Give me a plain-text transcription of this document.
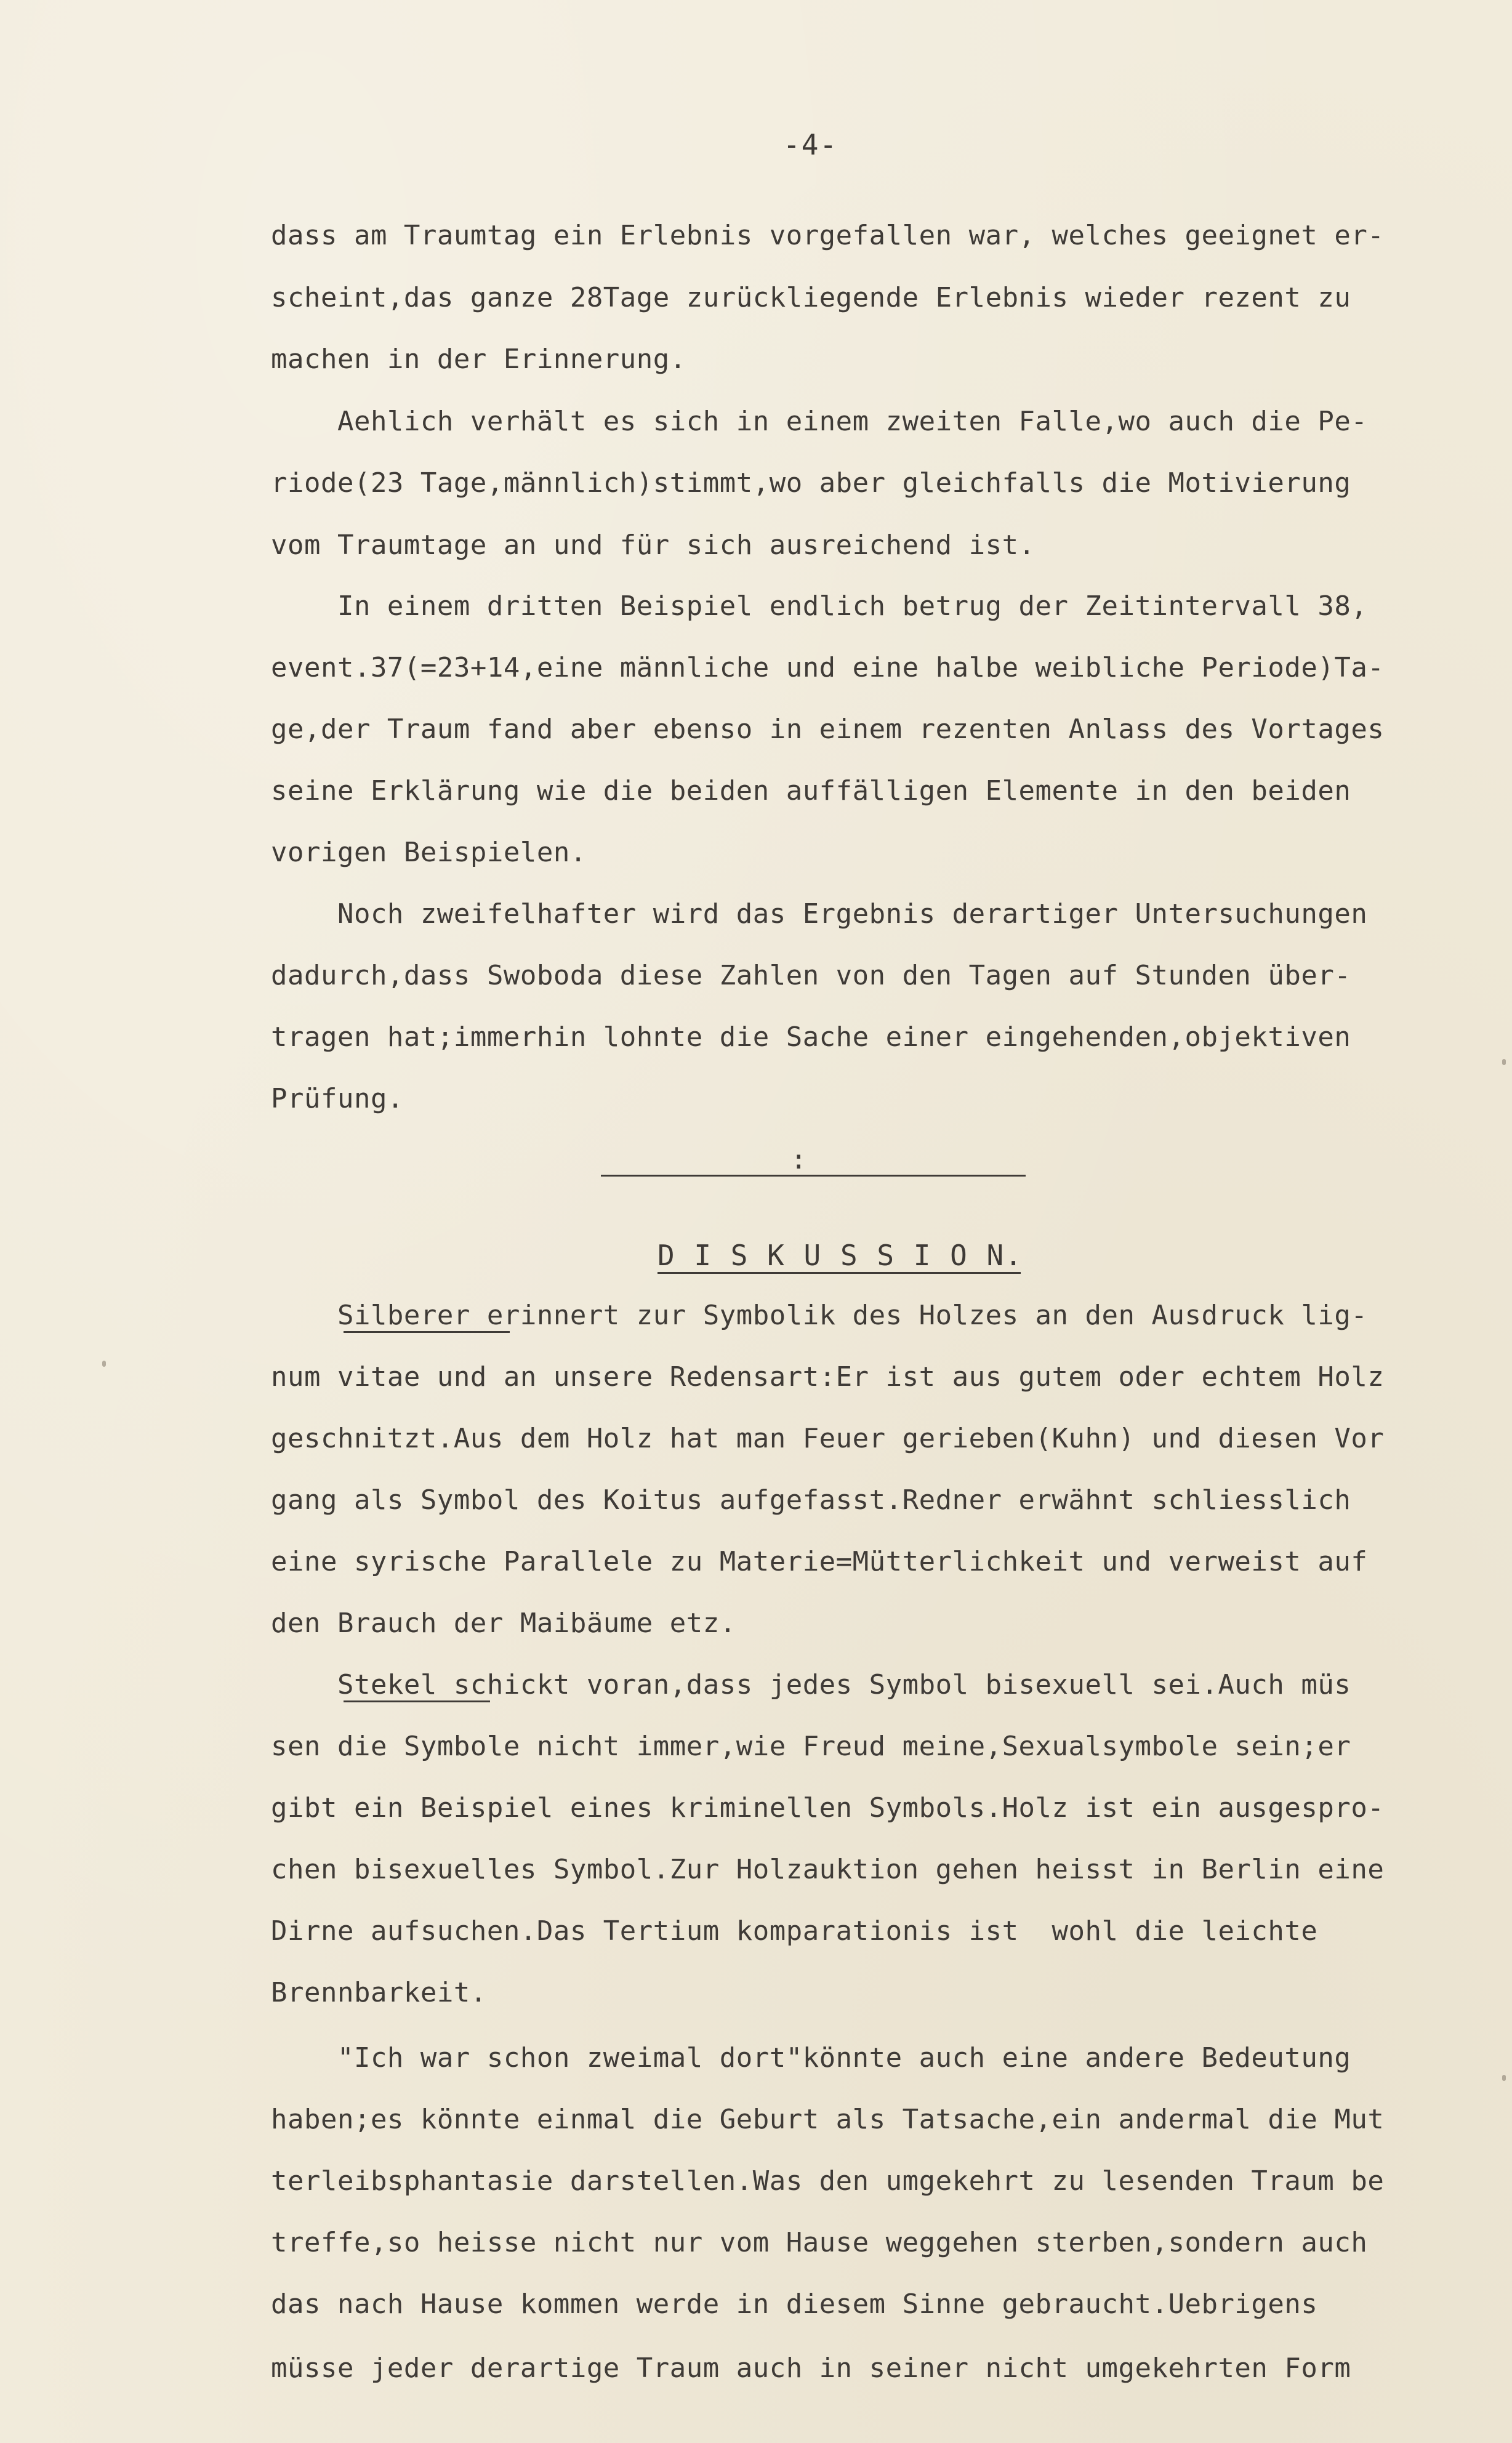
-4-
dass am Traumtag ein Erlebnis vorgefallen war, welches geeignet er-
scheint,das ganze 28Tage zurückliegende Erlebnis wieder rezent zu
machen in der Erinnerung.
Aehlich verhält es sich in einem zweiten Falle,wo auch die Pe-
riode(23 Tage,männlich)stimmt,wo aber gleichfalls die Motivierung
vom Traumtage an und für sich ausreichend ist.
In einem dritten Beispiel endlich betrug der Zeitintervall 38,
event.37(=23+14,eine männliche und eine halbe weibliche Periode)Ta-
ge,der Traum fand aber ebenso in einem rezenten Anlass des Vortages
seine Erklärung wie die beiden auffälligen Elemente in den beiden
vorigen Beispielen.
Noch zweifelhafter wird das Ergebnis derartiger Untersuchungen
dadurch,dass Swoboda diese Zahlen von den Tagen auf Stunden über-
tragen hat;immerhin lohnte die Sache einer eingehenden,objektiven
Prüfung.
:
D I S K U S S I O N.
Silberer erinnert zur Symbolik des Holzes an den Ausdruck lig-
num vitae und an unsere Redensart:Er ist aus gutem oder echtem Holz
geschnitzt.Aus dem Holz hat man Feuer gerieben(Kuhn) und diesen Vor
gang als Symbol des Koitus aufgefasst.Redner erwähnt schliesslich
eine syrische Parallele zu Materie=Mütterlichkeit und verweist auf
den Brauch der Maibäume etz.
Stekel schickt voran,dass jedes Symbol bisexuell sei.Auch müs
sen die Symbole nicht immer,wie Freud meine,Sexualsymbole sein;er
gibt ein Beispiel eines kriminellen Symbols.Holz ist ein ausgespro-
chen bisexuelles Symbol.Zur Holzauktion gehen heisst in Berlin eine
Dirne aufsuchen.Das Tertium komparationis ist  wohl die leichte
Brennbarkeit.
"Ich war schon zweimal dort"könnte auch eine andere Bedeutung
haben;es könnte einmal die Geburt als Tatsache,ein andermal die Mut
terleibsphantasie darstellen.Was den umgekehrt zu lesenden Traum be
treffe,so heisse nicht nur vom Hause weggehen sterben,sondern auch
das nach Hause kommen werde in diesem Sinne gebraucht.Uebrigens
müsse jeder derartige Traum auch in seiner nicht umgekehrten Form
